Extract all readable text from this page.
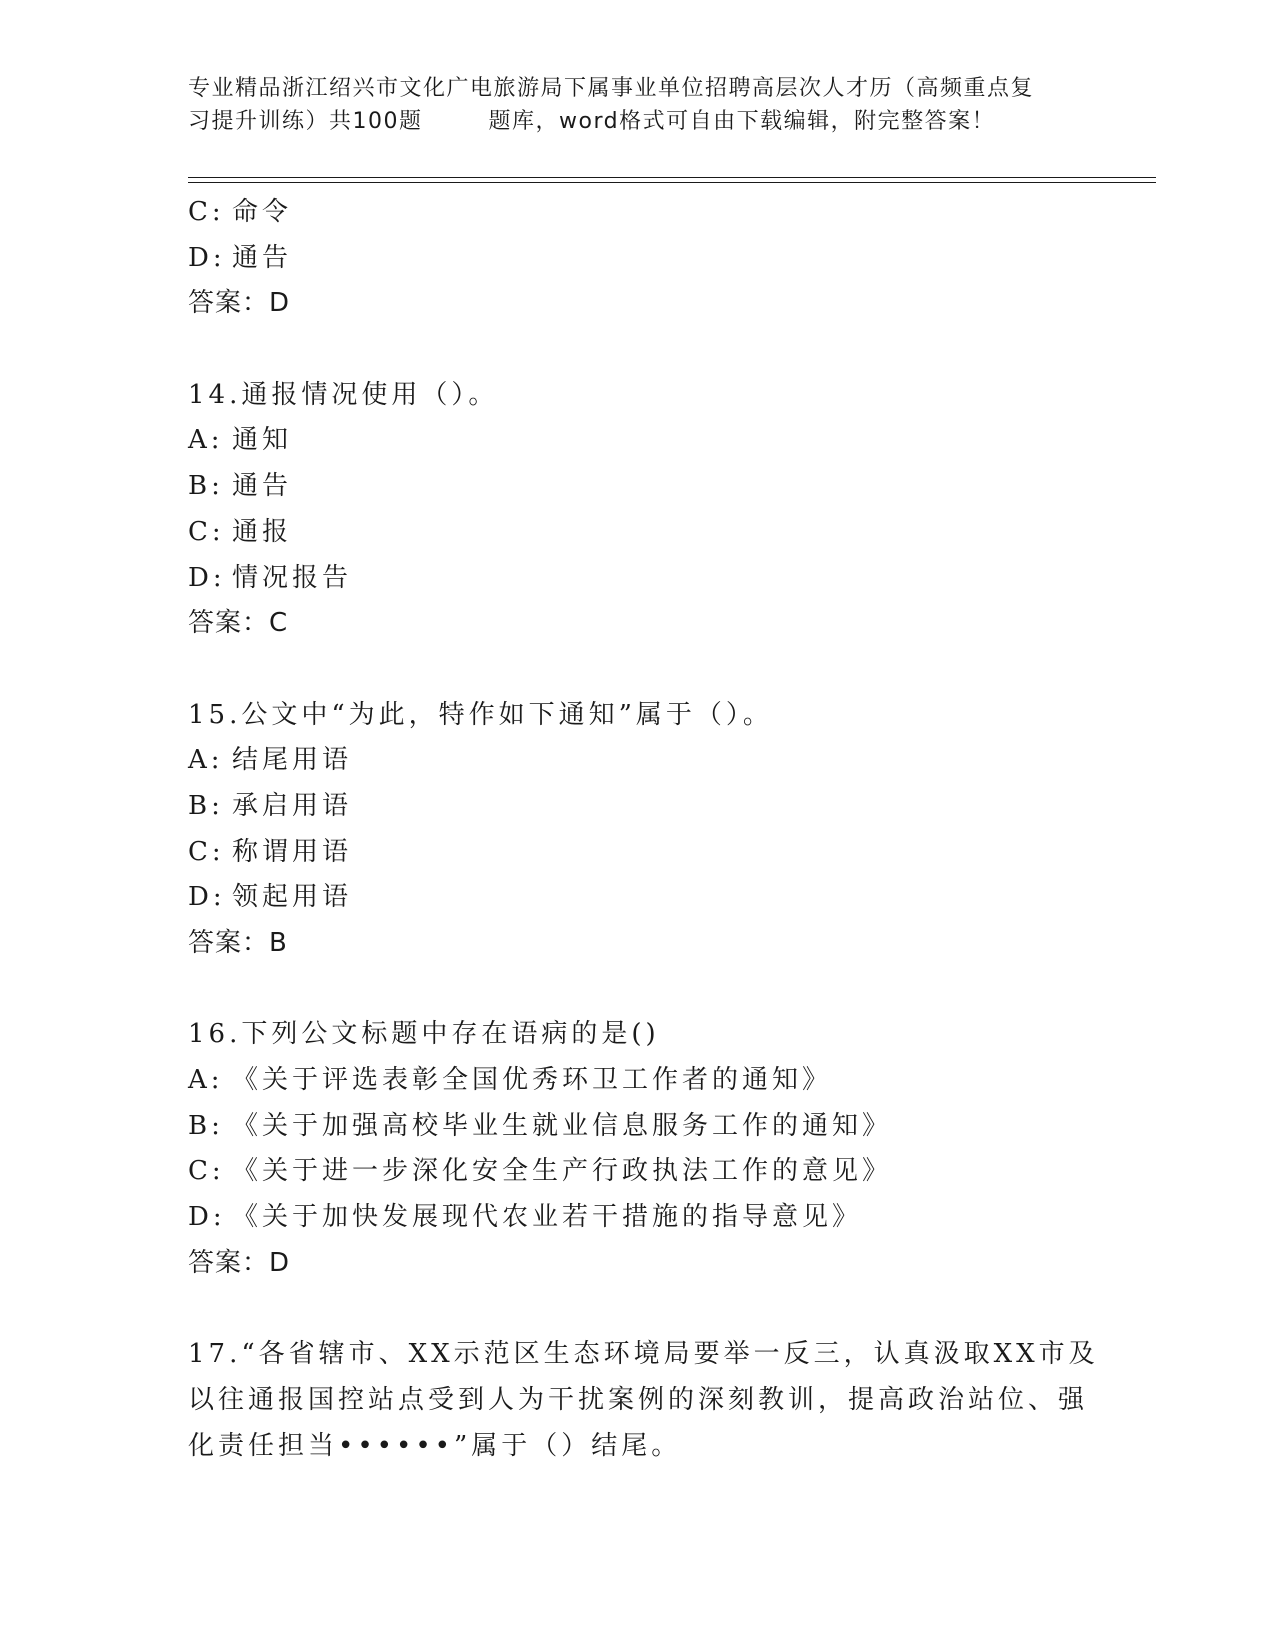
专业精品浙江绍兴市文化广电旅游局下属事业单位招聘高层次人才历（高频重点复
习提升训练）共100题	题库，word格式可自由下载编辑，附完整答案！
C: 命令
D: 通告
答案：D
14.通报情况使用（）。
A: 通知
B: 通告
C: 通报
D: 情况报告
答案：C
15.公文中“为此，特作如下通知”属于（）。
A: 结尾用语
B: 承启用语
C: 称谓用语
D: 领起用语
答案：B
16.下列公文标题中存在语病的是()
A: 《关于评选表彰全国优秀环卫工作者的通知》
B: 《关于加强高校毕业生就业信息服务工作的通知》
C: 《关于进一步深化安全生产行政执法工作的意见》
D: 《关于加快发展现代农业若干措施的指导意见》
答案：D
17.“各省辖市、XX示范区生态环境局要举一反三，认真汲取XX市及
以往通报国控站点受到人为干扰案例的深刻教训，提高政治站位、强
化责任担当••••••”属于（）结尾。
